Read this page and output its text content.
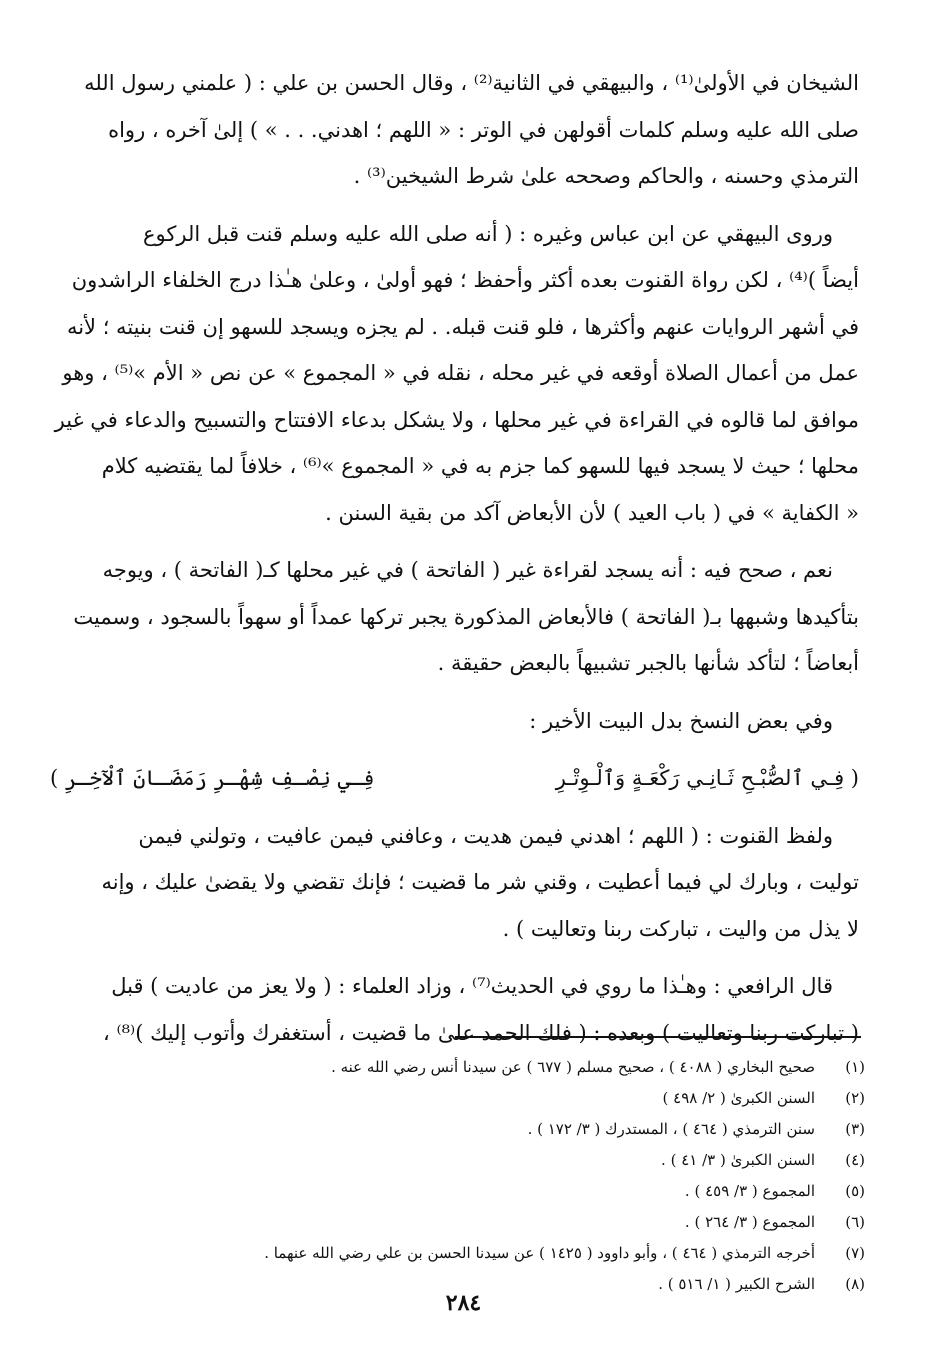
الشيخان في الأولىٰ⁽¹⁾ ، والبيهقي في الثانية⁽²⁾ ، وقال الحسن بن علي : ( علمني رسول الله
صلى الله عليه وسلم كلمات أقولهن في الوتر : « اللهم ؛ اهدني. . . » ) إلىٰ آخره ، رواه
الترمذي وحسنه ، والحاكم وصححه علىٰ شرط الشيخين⁽³⁾ .
وروى البيهقي عن ابن عباس وغيره : ( أنه صلى الله عليه وسلم قنت قبل الركوع
أيضاً )⁽⁴⁾ ، لكن رواة القنوت بعده أكثر وأحفظ ؛ فهو أولىٰ ، وعلىٰ هـٰذا درج الخلفاء الراشدون
في أشهر الروايات عنهم وأكثرها ، فلو قنت قبله. . لم يجزه ويسجد للسهو إن قنت بنيته ؛ لأنه
عمل من أعمال الصلاة أوقعه في غير محله ، نقله في « المجموع » عن نص « الأم »⁽⁵⁾ ، وهو
موافق لما قالوه في القراءة في غير محلها ، ولا يشكل بدعاء الافتتاح والتسبيح والدعاء في غير
محلها ؛ حيث لا يسجد فيها للسهو كما جزم به في « المجموع »⁽⁶⁾ ، خلافاً لما يقتضيه كلام
« الكفاية » في ( باب العيد ) لأن الأبعاض آكد من بقية السنن .
نعم ، صحح فيه : أنه يسجد لقراءة غير ( الفاتحة ) في غير محلها كـ( الفاتحة ) ، ويوجه
بتأكيدها وشبهها بـ( الفاتحة ) فالأبعاض المذكورة يجبر تركها عمداً أو سهواً بالسجود ، وسميت
أبعاضاً ؛ لتأكد شأنها بالجبر تشبيهاً بالبعض حقيقة .
وفي بعض النسخ بدل البيت الأخير :
( فِـي ٱلصُّبْـحِ ثَـانِـي رَكْعَـةٍ وَٱلْـوِتْـرِ
فِـي نِصْـفِ شِهْـرِ رَمَضَـانَ ٱلْآخِـرِ )
ولفظ القنوت : ( اللهم ؛ اهدني فيمن هديت ، وعافني فيمن عافيت ، وتولني فيمن
توليت ، وبارك لي فيما أعطيت ، وقني شر ما قضيت ؛ فإنك تقضي ولا يقضىٰ عليك ، وإنه
لا يذل من واليت ، تباركت ربنا وتعاليت ) .
قال الرافعي : وهـٰذا ما روي في الحديث⁽⁷⁾ ، وزاد العلماء : ( ولا يعز من عاديت ) قبل
( تباركت ربنا وتعاليت ) وبعده : ( فلك الحمد علىٰ ما قضيت ، أستغفرك وأتوب إليك )⁽⁸⁾ ،
(١)
صحيح البخاري ( ٤٠٨٨ ) ، صحيح مسلم ( ٦٧٧ ) عن سيدنا أنس رضي الله عنه .
(٢)
السنن الكبرىٰ ( ٢/ ٤٩٨ )
(٣)
سنن الترمذي ( ٤٦٤ ) ، المستدرك ( ٣/ ١٧٢ ) .
(٤)
السنن الكبرىٰ ( ٣/ ٤١ ) .
(٥)
المجموع ( ٣/ ٤٥٩ ) .
(٦)
المجموع ( ٣/ ٢٦٤ ) .
(٧)
أخرجه الترمذي ( ٤٦٤ ) ، وأبو داوود ( ١٤٢٥ ) عن سيدنا الحسن بن علي رضي الله عنهما .
(٨)
الشرح الكبير ( ١/ ٥١٦ ) .
٢٨٤
